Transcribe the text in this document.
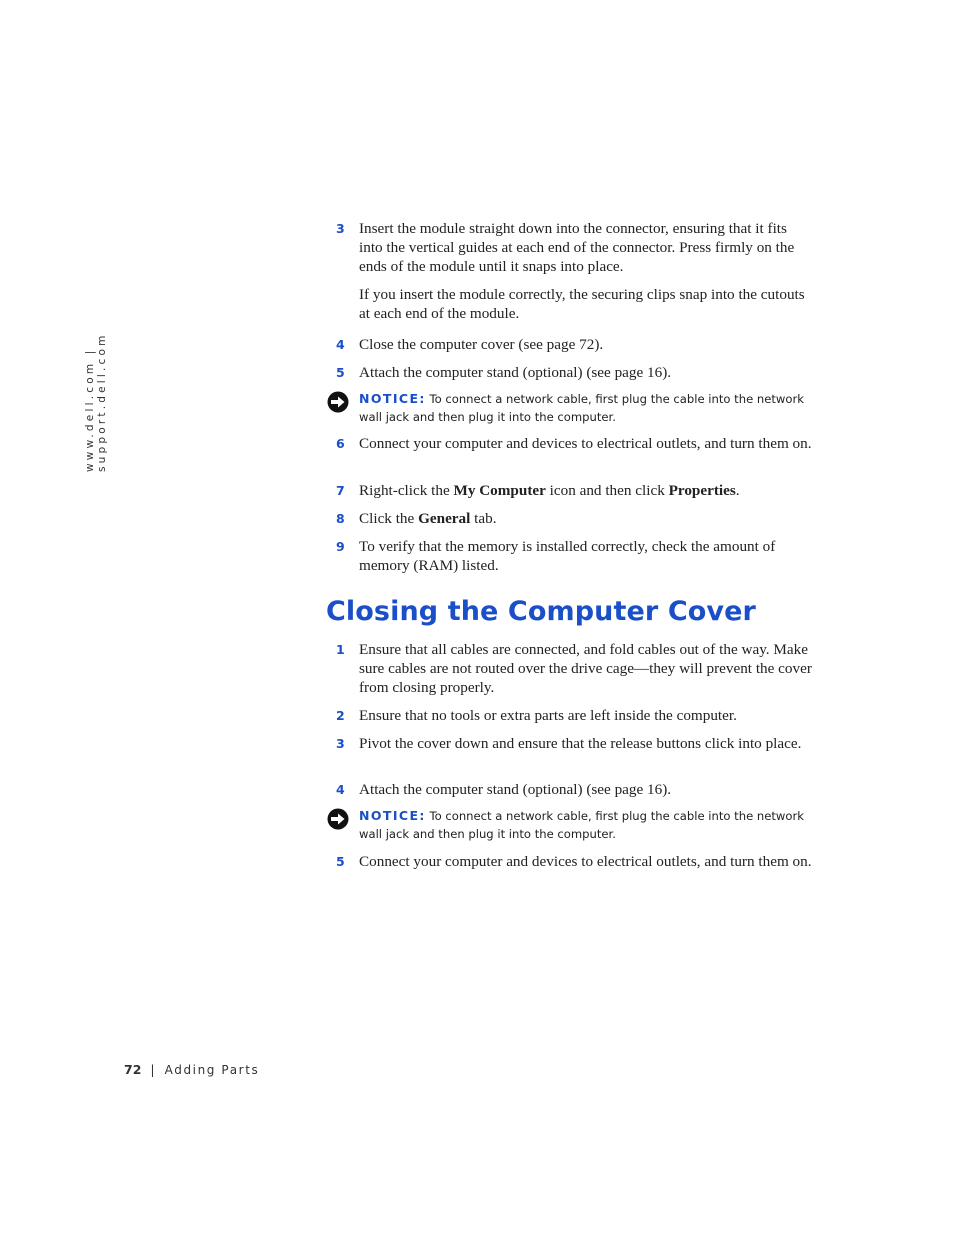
www.dell.com | support.dell.com
3 Insert the module straight down into the connector, ensuring that it fits into the vertical guides at each end of the connector. Press firmly on the ends of the module until it snaps into place.
If you insert the module correctly, the securing clips snap into the cutouts at each end of the module.
4 Close the computer cover (see page 72).
5 Attach the computer stand (optional) (see page 16).
NOTICE: To connect a network cable, first plug the cable into the network wall jack and then plug it into the computer.
6 Connect your computer and devices to electrical outlets, and turn them on.
7 Right-click the My Computer icon and then click Properties.
8 Click the General tab.
9 To verify that the memory is installed correctly, check the amount of memory (RAM) listed.
Closing the Computer Cover
1 Ensure that all cables are connected, and fold cables out of the way. Make sure cables are not routed over the drive cage—they will prevent the cover from closing properly.
2 Ensure that no tools or extra parts are left inside the computer.
3 Pivot the cover down and ensure that the release buttons click into place.
4 Attach the computer stand (optional) (see page 16).
NOTICE: To connect a network cable, first plug the cable into the network wall jack and then plug it into the computer.
5 Connect your computer and devices to electrical outlets, and turn them on.
72 | Adding Parts
